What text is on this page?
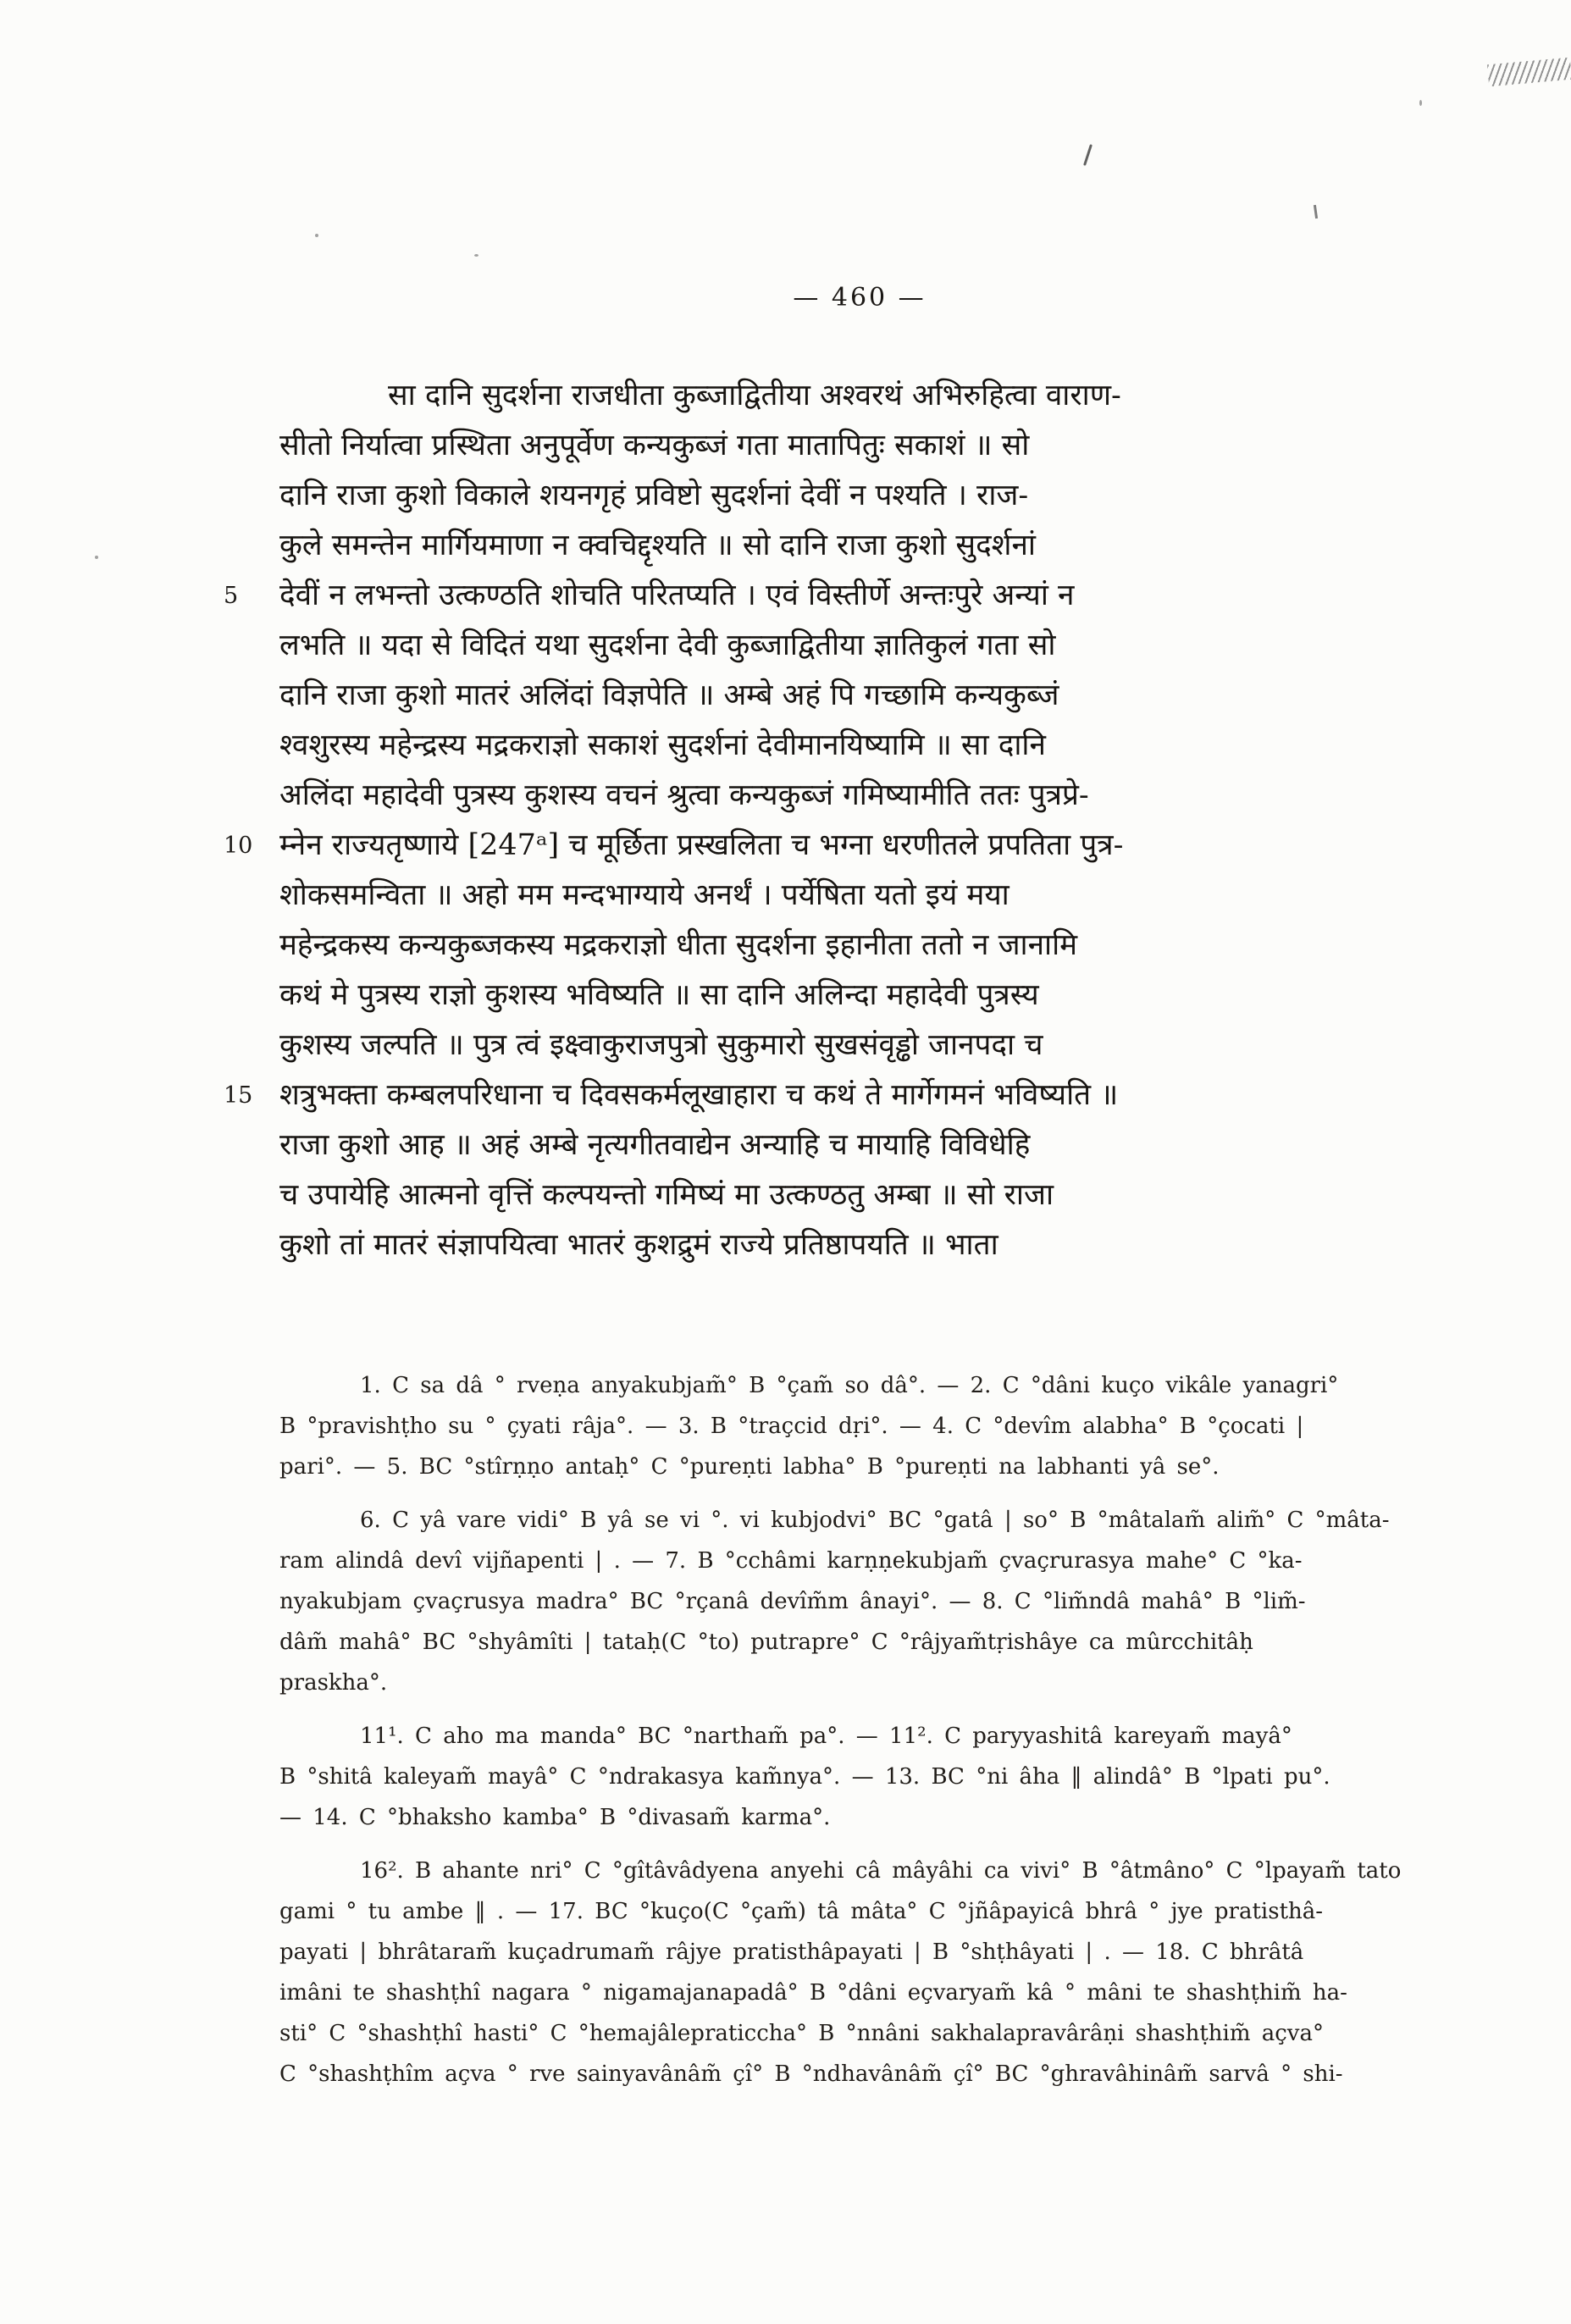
— 460 —
सा दानि सुदर्शना राजधीता कुब्जाद्वितीया अश्वरथं अभिरुहित्वा वाराण-
सीतो निर्यात्वा प्रस्थिता अनुपूर्वेण कन्यकुब्जं गता मातापितुः सकाशं ॥ सो
दानि राजा कुशो विकाले शयनगृहं प्रविष्टो सुदर्शनां देवीं न पश्यति । राज-
कुले समन्तेन मार्गियमाणा न क्वचिद्दृश्यति ॥ सो दानि राजा कुशो सुदर्शनां
5 देवीं न लभन्तो उत्कण्ठति शोचति परितप्यति । एवं विस्तीर्णे अन्तःपुरे अन्यां न
लभति ॥ यदा से विदितं यथा सुदर्शना देवी कुब्जाद्वितीया ज्ञातिकुलं गता सो
दानि राजा कुशो मातरं अलिंदां विज्ञपेति ॥ अम्बे अहं पि गच्छामि कन्यकुब्जं
श्वशुरस्य महेन्द्रस्य मद्रकराज्ञो सकाशं सुदर्शनां देवीमानयिष्यामि ॥ सा दानि
अलिंदा महादेवी पुत्रस्य कुशस्य वचनं श्रुत्वा कन्यकुब्जं गमिष्यामीति ततः पुत्रप्रे-
10 म्नेन राज्यतृष्णाये [247ᵃ] च मूर्छिता प्रस्खलिता च भग्ना धरणीतले प्रपतिता पुत्र-
शोकसमन्विता ॥ अहो मम मन्दभाग्याये अनर्थं । पर्येषिता यतो इयं मया
महेन्द्रकस्य कन्यकुब्जकस्य मद्रकराज्ञो धीता सुदर्शना इहानीता ततो न जानामि
कथं मे पुत्रस्य राज्ञो कुशस्य भविष्यति ॥ सा दानि अलिन्दा महादेवी पुत्रस्य
कुशस्य जल्पति ॥ पुत्र त्वं इक्ष्वाकुराजपुत्रो सुकुमारो सुखसंवृड्ढो जानपदा च
15 शत्रुभक्ता कम्बलपरिधाना च दिवसकर्मलूखाहारा च कथं ते मार्गेगमनं भविष्यति ॥
राजा कुशो आह ॥ अहं अम्बे नृत्यगीतवाद्येन अन्याहि च मायाहि विविधेहि
च उपायेहि आत्मनो वृत्तिं कल्पयन्तो गमिष्यं मा उत्कण्ठतु अम्बा ॥ सो राजा
कुशो तां मातरं संज्ञापयित्वा भातरं कुशद्रुमं राज्ये प्रतिष्ठापयति ॥ भाता
1. C sa dâ ° rveṇa anyakubjam̃° B °çam̃ so dâ°. — 2. C °dâni kuço vikâle yanagri°
B °pravishṭho su ° çyati râja°. — 3. B °traçcid dṛi°. — 4. C °devîm alabha° B °çocati |
pari°. — 5. BC °stîrṇṇo antaḥ° C °pureṇti labha° B °pureṇti na labhanti yâ se°.
6. C yâ vare vidi° B yâ se vi °. vi kubjodvi° BC °gatâ | so° B °mâtalam̃ alim̃° C °mâta-
ram alindâ devî vijñapenti | . — 7. B °cchâmi karṇṇekubjam̃ çvaçrurasya mahe° C °ka-
nyakubjam çvaçrusya madra° BC °rçanâ devîm̃m ânayi°. — 8. C °lim̃ndâ mahâ° B °lim̃-
dâm̃ mahâ° BC °shyâmîti | tataḥ(C °to) putrapre° C °râjyam̃tṛishâye ca mûrcchitâḥ
praskha°.
11¹. C aho ma manda° BC °nartham̃ pa°. — 11². C paryyashitâ kareyam̃ mayâ°
B °shitâ kaleyam̃ mayâ° C °ndrakasya kam̃nya°. — 13. BC °ni âha ‖ alindâ° B °lpati pu°.
— 14. C °bhaksho kamba° B °divasam̃ karma°.
16². B ahante nri° C °gîtâvâdyena anyehi câ mâyâhi ca vivi° B °âtmâno° C °lpayam̃ tato
gami ° tu ambe ‖ . — 17. BC °kuço(C °çam̃) tâ mâta° C °jñâpayicâ bhrâ ° jye pratisthâ-
payati | bhrâtaram̃ kuçadrumam̃ râjye pratisthâpayati | B °shṭhâyati | . — 18. C bhrâtâ
imâni te shashṭhî nagara ° nigamajanapadâ° B °dâni eçvaryam̃ kâ ° mâni te shashṭhim̃ ha-
sti° C °shashṭhî hasti° C °hemajâlepraticcha° B °nnâni sakhalapravârâṇi shashṭhim̃ açva°
C °shashṭhîm açva ° rve sainyavânâm̃ çî° B °ndhavânâm̃ çî° BC °ghravâhinâm̃ sarvâ ° shi-
